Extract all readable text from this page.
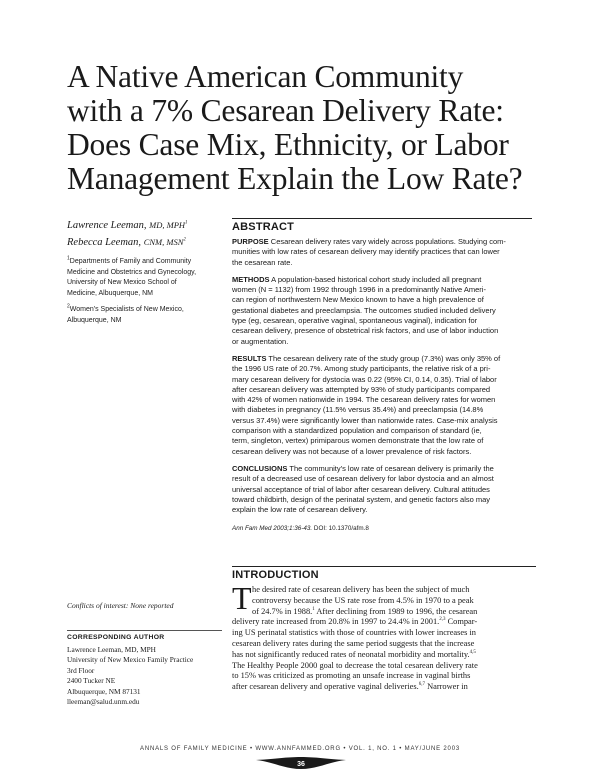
A Native American Community
with a 7% Cesarean Delivery Rate:
Does Case Mix, Ethnicity, or Labor
Management Explain the Low Rate?
Lawrence Leeman, MD, MPH$^1$
Rebecca Leeman, CNM, MSN$^2$
$^1$Departments of Family and Community
Medicine and Obstetrics and Gynecology,
University of New Mexico School of
Medicine, Albuquerque, NM
$^2$Women's Specialists of New Mexico,
Albuquerque, NM
Conflicts of interest: None reported
CORRESPONDING AUTHOR
Lawrence Leeman, MD, MPH
University of New Mexico Family Practice
3rd Floor
2400 Tucker NE
Albuquerque, NM 87131
lleeman@salud.unm.edu
ABSTRACT
PURPOSE Cesarean delivery rates vary widely across populations. Studying com-
munities with low rates of cesarean delivery may identify practices that can lower
the cesarean rate.
METHODS A population-based historical cohort study included all pregnant
women (N = 1132) from 1992 through 1996 in a predominantly Native Ameri-
can region of northwestern New Mexico known to have a high prevalence of
gestational diabetes and preeclampsia. The outcomes studied included delivery
type (eg, cesarean, operative vaginal, spontaneous vaginal), indication for
cesarean delivery, presence of obstetrical risk factors, and use of labor induction
or augmentation.
RESULTS The cesarean delivery rate of the study group (7.3%) was only 35% of
the 1996 US rate of 20.7%. Among study participants, the relative risk of a pri-
mary cesarean delivery for dystocia was 0.22 (95% CI, 0.14, 0.35). Trial of labor
after cesarean delivery was attempted by 93% of study participants compared
with 42% of women nationwide in 1994. The cesarean delivery rates for women
with diabetes in pregnancy (11.5% versus 35.4%) and preeclampsia (14.8%
versus 37.4%) were significantly lower than nationwide rates. Case-mix analysis
comparison with a standardized population and comparison of standard (ie,
term, singleton, vertex) primiparous women demonstrate that the low rate of
cesarean delivery was not because of a lower prevalence of risk factors.
CONCLUSIONS The community's low rate of cesarean delivery is primarily the
result of a decreased use of cesarean delivery for labor dystocia and an almost
universal acceptance of trial of labor after cesarean delivery. Cultural attitudes
toward childbirth, design of the perinatal system, and genetic factors also may
explain the low rate of cesarean delivery.
Ann Fam Med 2003;1:36-43. DOI: 10.1370/afm.8
INTRODUCTION
T he desired rate of cesarean delivery has been the subject of much
controversy because the US rate rose from 4.5% in 1970 to a peak
of 24.7% in 1988.$^1$ After declining from 1989 to 1996, the cesarean
delivery rate increased from 20.8% in 1997 to 24.4% in 2001.$^{2,3}$ Compar-
ing US perinatal statistics with those of countries with lower increases in
cesarean delivery rates during the same period suggests that the increase
has not significantly reduced rates of neonatal morbidity and mortality.$^{4,5}$
The Healthy People 2000 goal to decrease the total cesarean delivery rate
to 15% was criticized as promoting an unsafe increase in vaginal births
after cesarean delivery and operative vaginal deliveries.$^{6,7}$ Narrower in
ANNALS OF FAMILY MEDICINE • WWW.ANNFAMMED.ORG • VOL. 1, NO. 1 • MAY/JUNE 2003
36
